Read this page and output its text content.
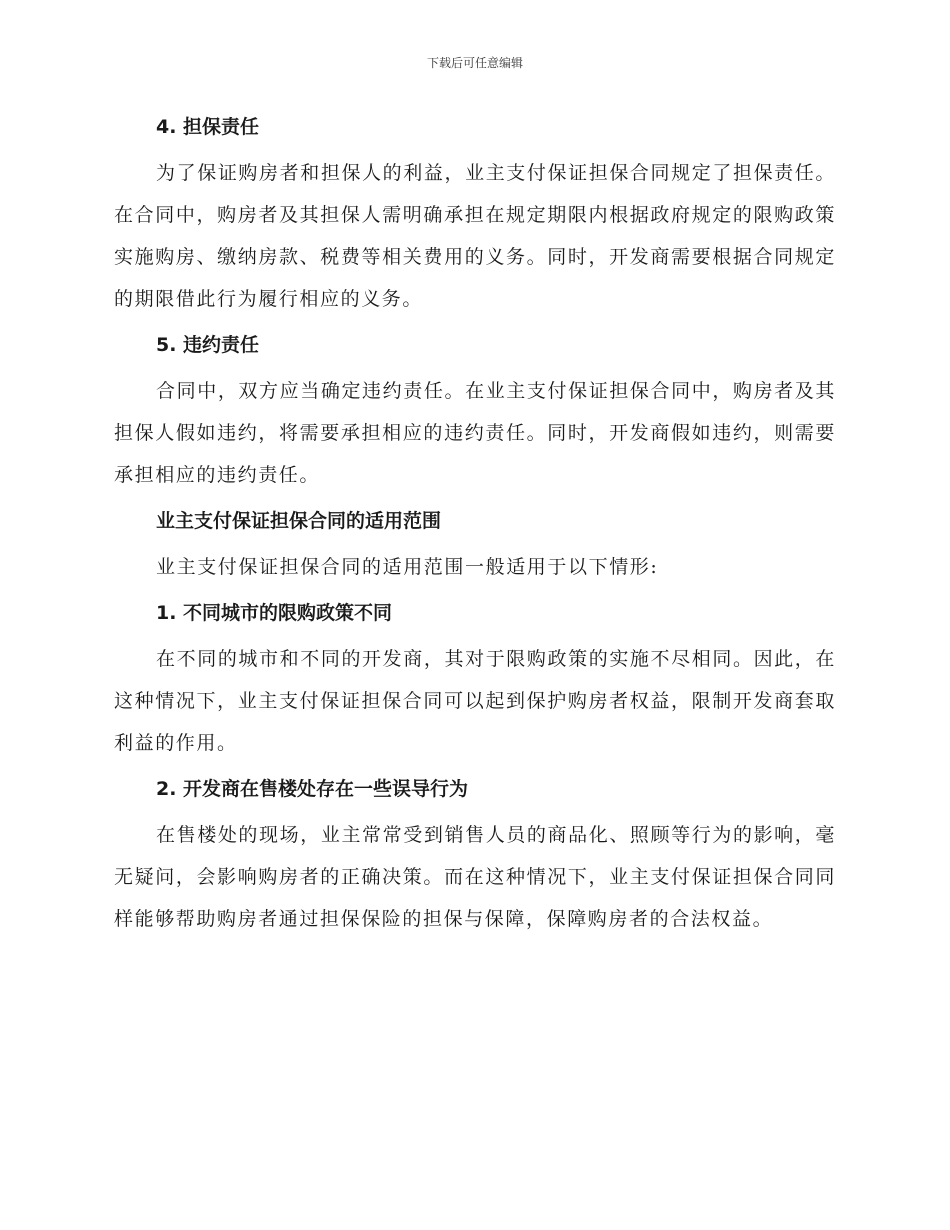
下载后可任意编辑
4. 担保责任

为了保证购房者和担保人的利益，业主支付保证担保合同规定了担保责任。在合同中，购房者及其担保人需明确承担在规定期限内根据政府规定的限购政策实施购房、缴纳房款、税费等相关费用的义务。同时，开发商需要根据合同规定的期限借此行为履行相应的义务。

5. 违约责任

合同中，双方应当确定违约责任。在业主支付保证担保合同中，购房者及其担保人假如违约，将需要承担相应的违约责任。同时，开发商假如违约，则需要承担相应的违约责任。

业主支付保证担保合同的适用范围

业主支付保证担保合同的适用范围一般适用于以下情形:

1. 不同城市的限购政策不同

在不同的城市和不同的开发商，其对于限购政策的实施不尽相同。因此，在这种情况下，业主支付保证担保合同可以起到保护购房者权益，限制开发商套取利益的作用。

2. 开发商在售楼处存在一些误导行为

在售楼处的现场，业主常常受到销售人员的商品化、照顾等行为的影响，毫无疑问，会影响购房者的正确决策。而在这种情况下，业主支付保证担保合同同样能够帮助购房者通过担保保险的担保与保障，保障购房者的合法权益。
